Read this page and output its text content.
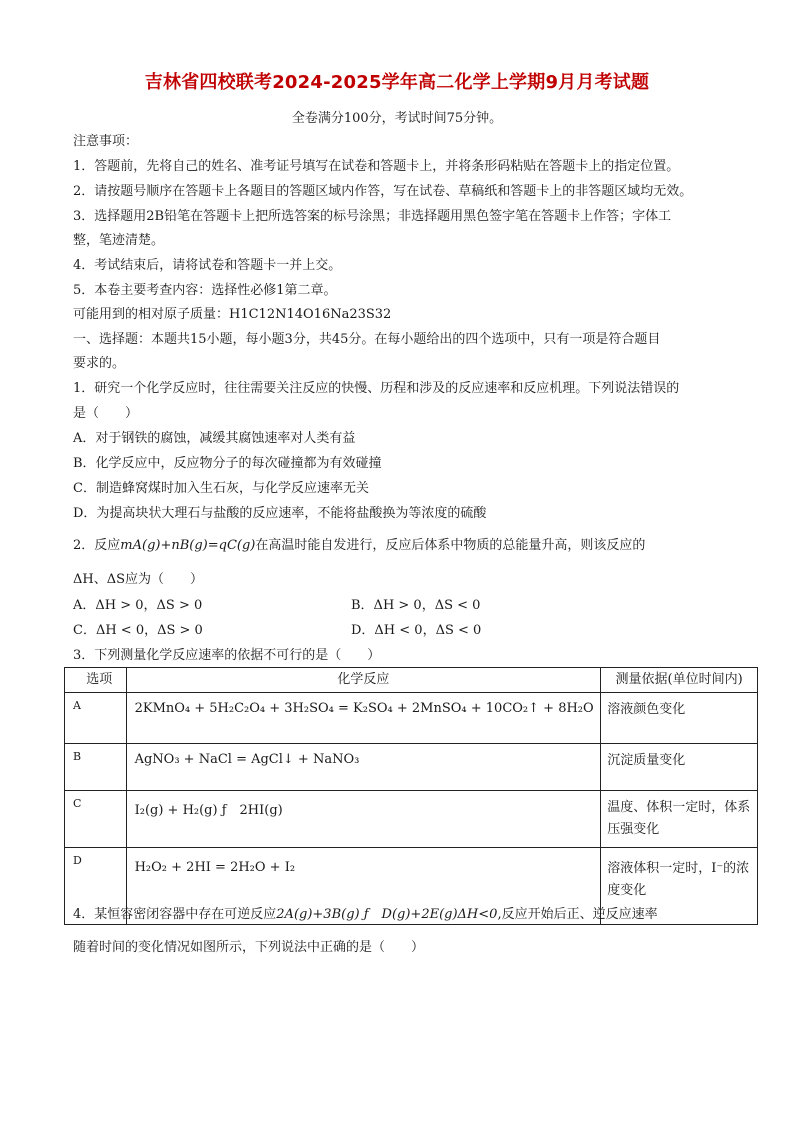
吉林省四校联考2024-2025学年高二化学上学期9月月考试题
全卷满分100分，考试时间75分钟。
注意事项：
1．答题前，先将自己的姓名、准考证号填写在试卷和答题卡上，并将条形码粘贴在答题卡上的指定位置。
2．请按题号顺序在答题卡上各题目的答题区域内作答，写在试卷、草稿纸和答题卡上的非答题区域均无效。
3．选择题用2B铅笔在答题卡上把所选答案的标号涂黑；非选择题用黑色签字笔在答题卡上作答；字体工
整，笔迹清楚。
4．考试结束后，请将试卷和答题卡一并上交。
5．本卷主要考查内容：选择性必修1第二章。
可能用到的相对原子质量：H1C12N14O16Na23S32
一、选择题：本题共15小题，每小题3分，共45分。在每小题给出的四个选项中，只有一项是符合题目
要求的。
1．研究一个化学反应时，往往需要关注反应的快慢、历程和涉及的反应速率和反应机理。下列说法错误的
是（　　）
A．对于钢铁的腐蚀，减缓其腐蚀速率对人类有益
B．化学反应中，反应物分子的每次碰撞都为有效碰撞
C．制造蜂窝煤时加入生石灰，与化学反应速率无关
D．为提高块状大理石与盐酸的反应速率，不能将盐酸换为等浓度的硫酸
2．反应mA(g)+nB(g)=qC(g)在高温时能自发进行，反应后体系中物质的总能量升高，则该反应的
ΔH、ΔS应为（　　）
A．ΔH > 0，ΔS > 0	B．ΔH > 0，ΔS < 0
C．ΔH < 0，ΔS > 0	D．ΔH < 0，ΔS < 0
3．下列测量化学反应速率的依据不可行的是（　　）
选项	化学反应	测量依据(单位时间内)
A	2KMnO₄ + 5H₂C₂O₄ + 3H₂SO₄ = K₂SO₄ + 2MnSO₄ + 10CO₂↑ + 8H₂O	溶液颜色变化
B	AgNO₃ + NaCl = AgCl↓ + NaNO₃	沉淀质量变化
C	I₂(g) + H₂(g) ƒ　2HI(g)	温度、体积一定时，体系压强变化
D	H₂O₂ + 2HI = 2H₂O + I₂	溶液体积一定时，I⁻的浓度变化
4．某恒容密闭容器中存在可逆反应2A(g)+3B(g) ƒ　D(g)+2E(g)ΔH<0,反应开始后正、逆反应速率
随着时间的变化情况如图所示，下列说法中正确的是（　　）
